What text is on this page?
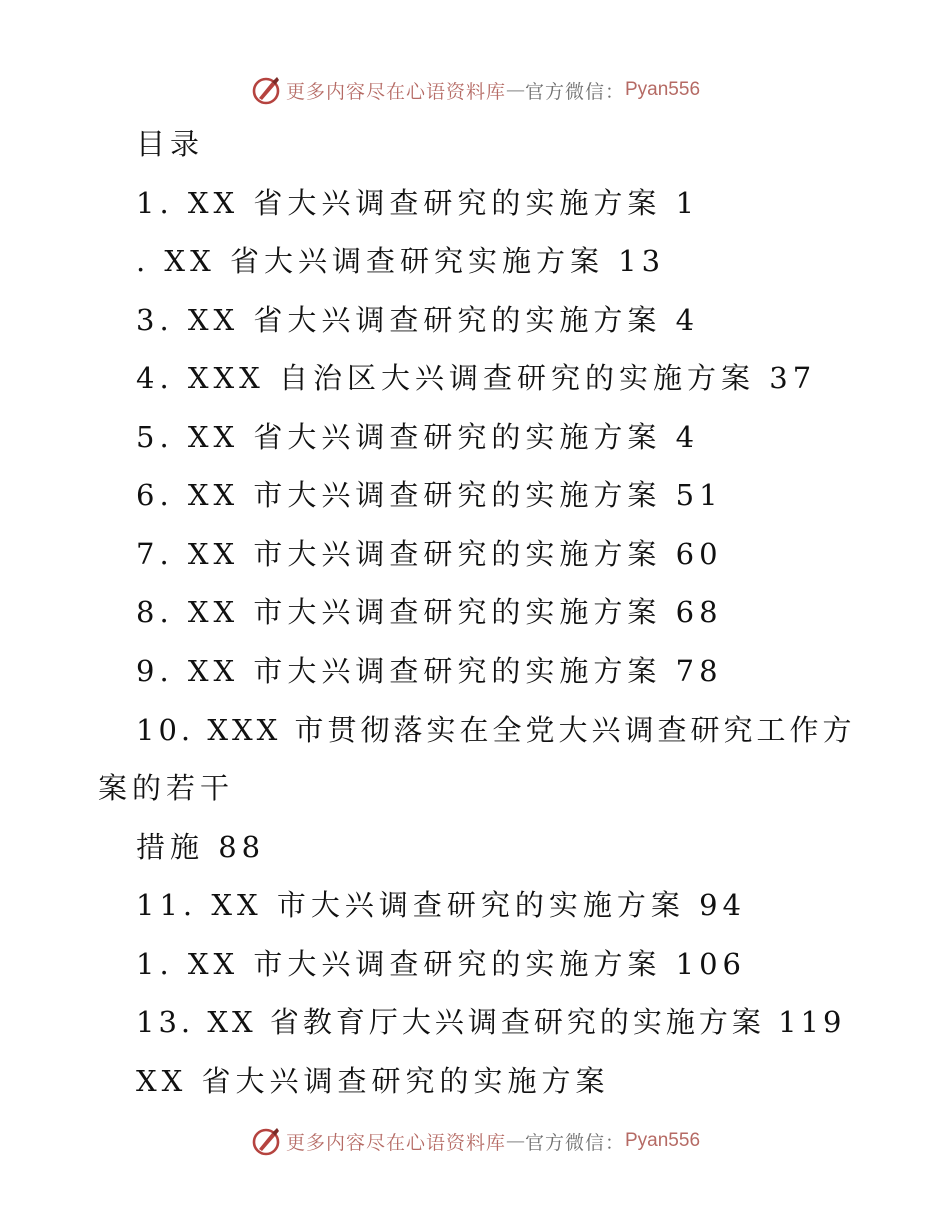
更多内容尽在心语资料库 — 官方微信： Pyan556
目录
1. XX 省大兴调查研究的实施方案 1
. XX 省大兴调查研究实施方案 13
3. XX 省大兴调查研究的实施方案 4
4. XXX 自治区大兴调查研究的实施方案 37
5. XX 省大兴调查研究的实施方案 4
6. XX 市大兴调查研究的实施方案 51
7. XX 市大兴调查研究的实施方案 60
8. XX 市大兴调查研究的实施方案 68
9. XX 市大兴调查研究的实施方案 78
10. XXX 市贯彻落实在全党大兴调查研究工作方
案的若干
措施 88
11. XX 市大兴调查研究的实施方案 94
1. XX 市大兴调查研究的实施方案 106
13. XX 省教育厅大兴调查研究的实施方案 119
XX 省大兴调查研究的实施方案
更多内容尽在心语资料库 — 官方微信： Pyan556
